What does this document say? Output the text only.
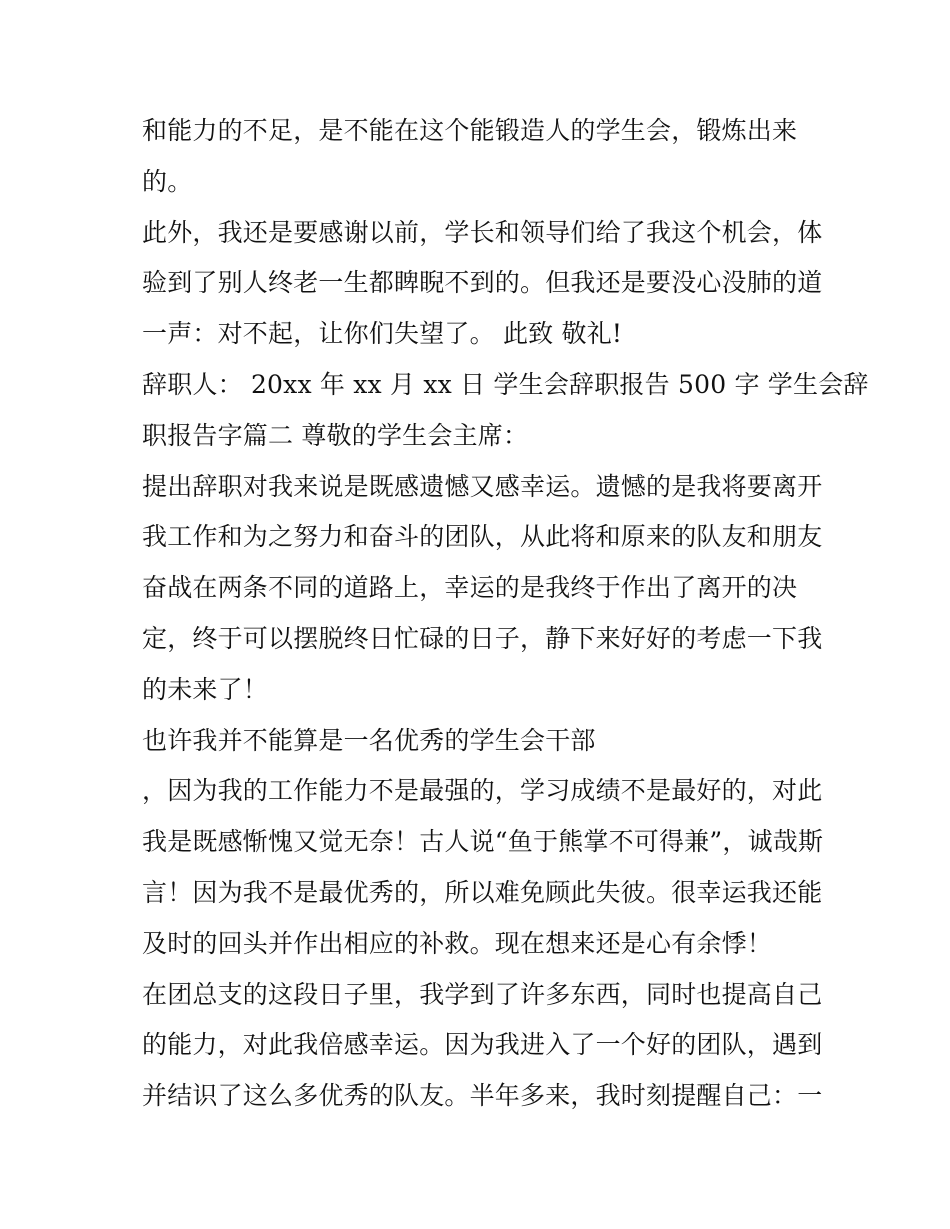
和能力的不足，是不能在这个能锻造人的学生会，锻炼出来
的。
此外，我还是要感谢以前，学长和领导们给了我这个机会，体
验到了别人终老一生都睥睨不到的。但我还是要没心没肺的道
一声：对不起，让你们失望了。 此致 敬礼!
辞职人： 20xx 年 xx 月 xx 日 学生会辞职报告 500 字 学生会辞
职报告字篇二 尊敬的学生会主席：
提出辞职对我来说是既感遗憾又感幸运。遗憾的是我将要离开
我工作和为之努力和奋斗的团队，从此将和原来的队友和朋友
奋战在两条不同的道路上，幸运的是我终于作出了离开的决
定，终于可以摆脱终日忙碌的日子，静下来好好的考虑一下我
的未来了！
也许我并不能算是一名优秀的学生会干部
，因为我的工作能力不是最强的，学习成绩不是最好的，对此
我是既感惭愧又觉无奈！古人说“鱼于熊掌不可得兼”，诚哉斯
言！因为我不是最优秀的，所以难免顾此失彼。很幸运我还能
及时的回头并作出相应的补救。现在想来还是心有余悸！
在团总支的这段日子里，我学到了许多东西，同时也提高自己
的能力，对此我倍感幸运。因为我进入了一个好的团队，遇到
并结识了这么多优秀的队友。半年多来，我时刻提醒自己：一
